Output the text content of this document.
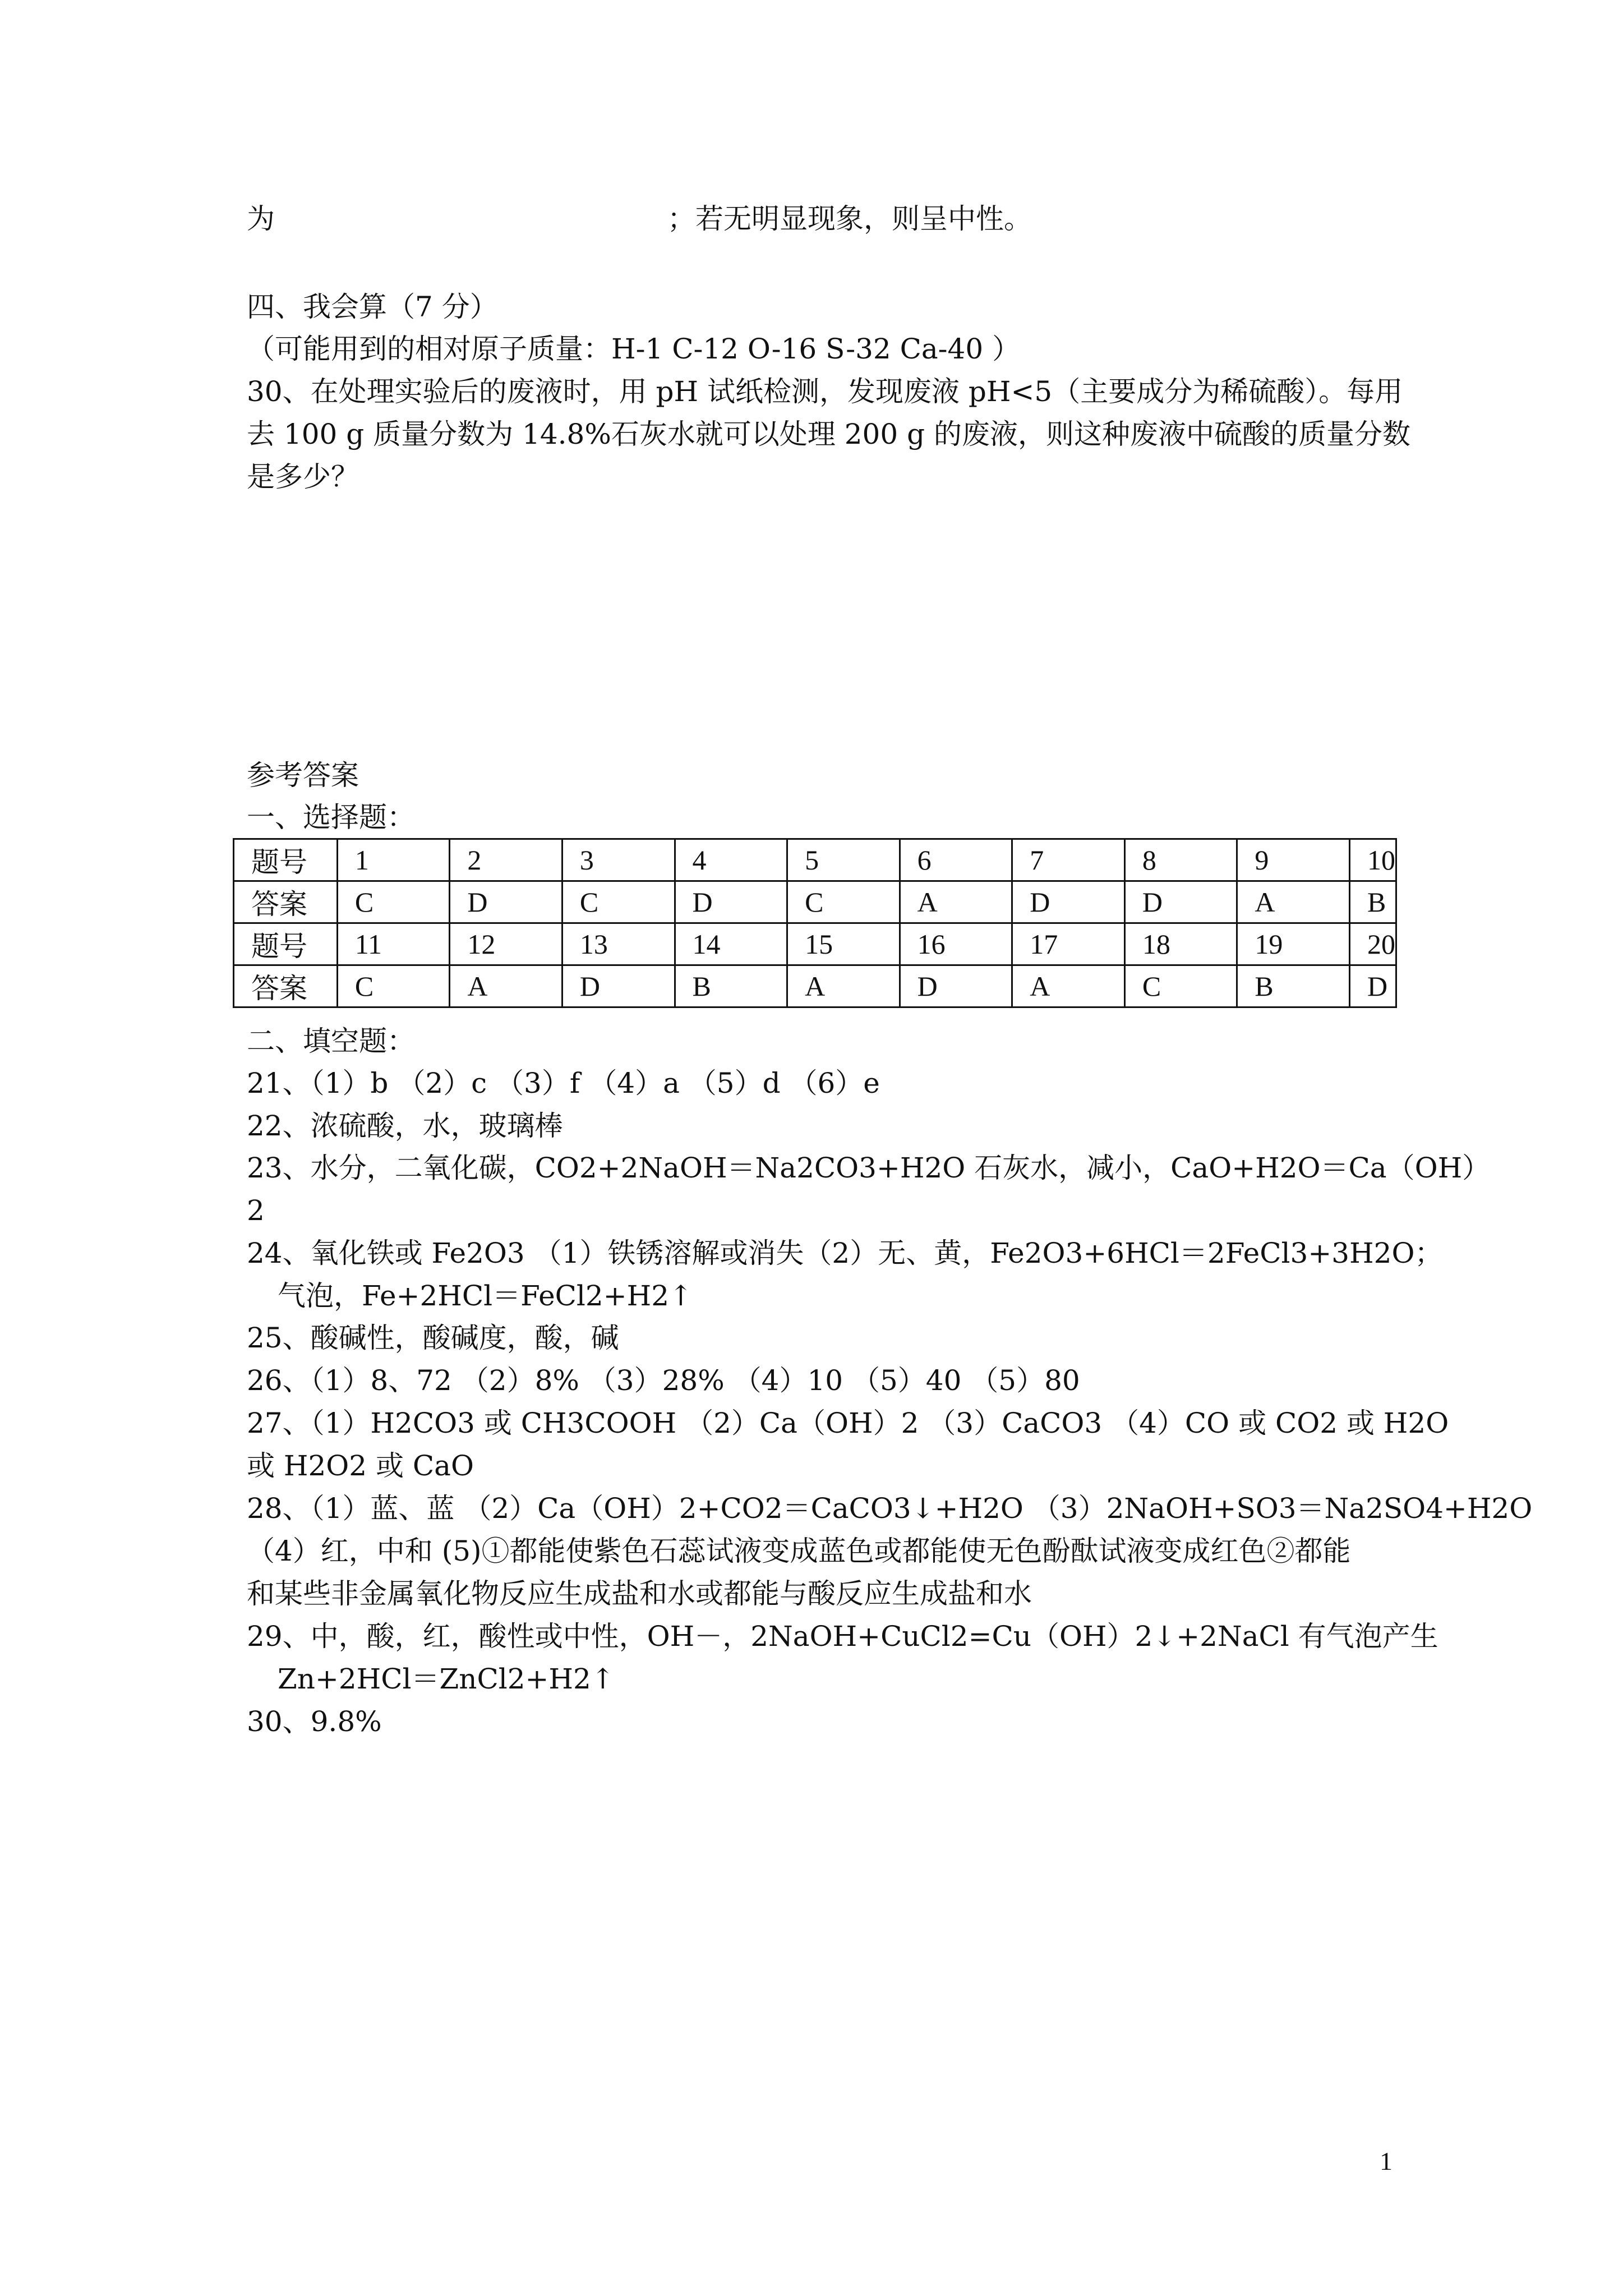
为	；若无明显现象，则呈中性。
四、我会算（7 分）
（可能用到的相对原子质量：H-1 C-12 O-16 S-32 Ca-40 ）
30、在处理实验后的废液时，用 pH 试纸检测，发现废液 pH<5（主要成分为稀硫酸）。每用
去 100 g 质量分数为 14.8%石灰水就可以处理 200 g 的废液，则这种废液中硫酸的质量分数
是多少？
参考答案
一、选择题：
题号	1	2	3	4	5	6	7	8	9	10
答案	C	D	C	D	C	A	D	D	A	B
题号	11	12	13	14	15	16	17	18	19	20
答案	C	A	D	B	A	D	A	C	B	D
二、填空题：
21、（1）b （2）c （3）f （4）a （5）d （6）e
22、浓硫酸，水，玻璃棒
23、水分，二氧化碳，CO2+2NaOH＝Na2CO3+H2O 石灰水，减小，CaO+H2O＝Ca（OH）
2
24、氧化铁或 Fe2O3 （1）铁锈溶解或消失（2）无、黄，Fe2O3+6HCl＝2FeCl3+3H2O；
气泡，Fe+2HCl＝FeCl2+H2↑
25、酸碱性，酸碱度，酸，碱
26、（1）8、72 （2）8% （3）28% （4）10 （5）40 （5）80
27、（1）H2CO3 或 CH3COOH （2）Ca（OH）2 （3）CaCO3 （4）CO 或 CO2 或 H2O
或 H2O2 或 CaO
28、（1）蓝、蓝 （2）Ca（OH）2+CO2＝CaCO3↓+H2O （3）2NaOH+SO3＝Na2SO4+H2O
（4）红，中和 (5)①都能使紫色石蕊试液变成蓝色或都能使无色酚酞试液变成红色②都能
和某些非金属氧化物反应生成盐和水或都能与酸反应生成盐和水
29、中，酸，红，酸性或中性，OH－，2NaOH+CuCl2=Cu（OH）2↓+2NaCl 有气泡产生
Zn+2HCl＝ZnCl2+H2↑
30、9.8%
1
